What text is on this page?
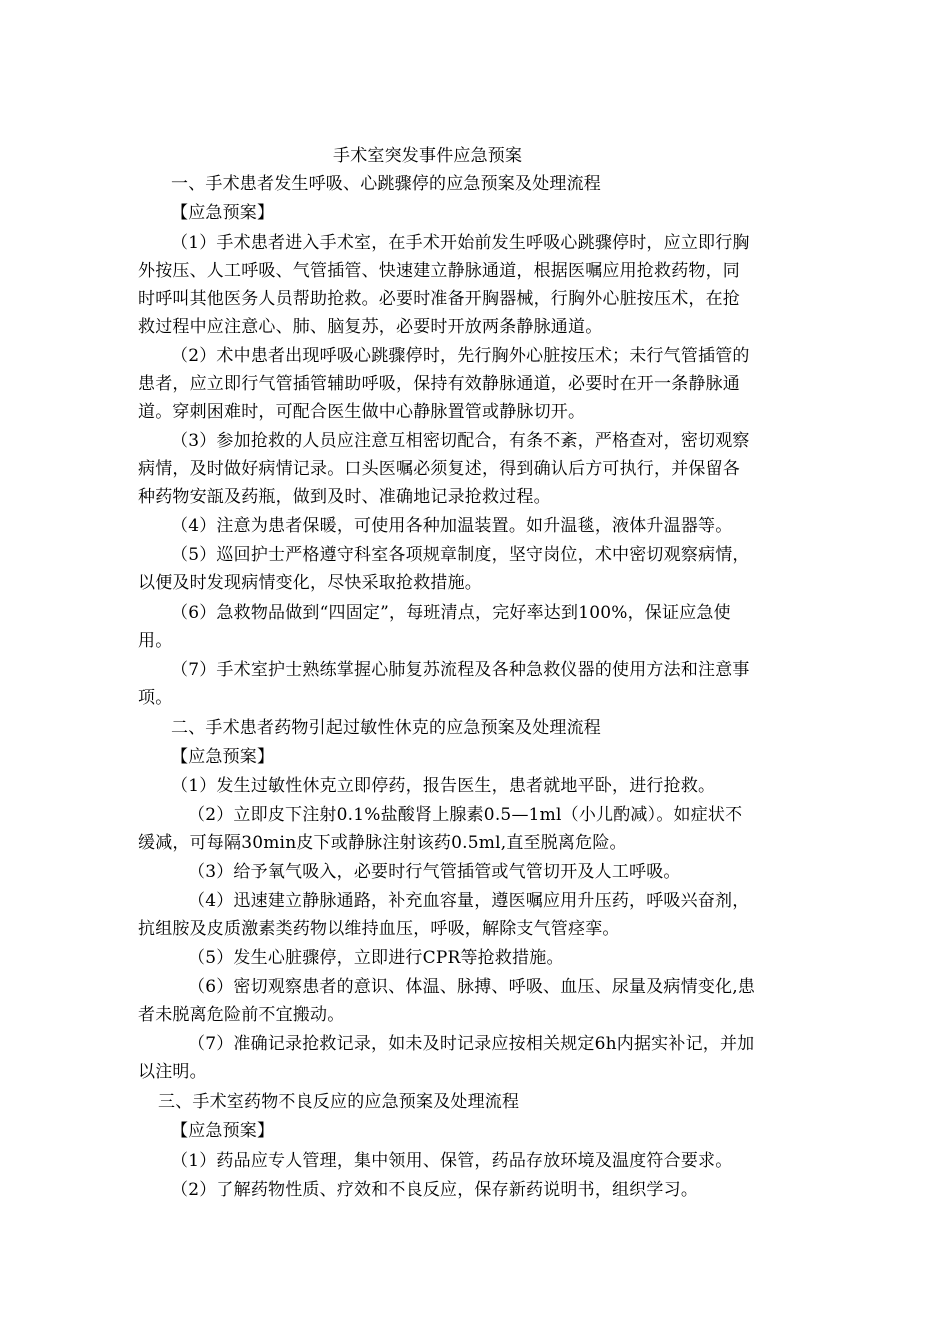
手术室突发事件应急预案
一、手术患者发生呼吸、心跳骤停的应急预案及处理流程
【应急预案】
（1）手术患者进入手术室，在手术开始前发生呼吸心跳骤停时，应立即行胸
外按压、人工呼吸、气管插管、快速建立静脉通道，根据医嘱应用抢救药物，同
时呼叫其他医务人员帮助抢救。必要时准备开胸器械，行胸外心脏按压术，在抢
救过程中应注意心、肺、脑复苏，必要时开放两条静脉通道。
（2）术中患者出现呼吸心跳骤停时，先行胸外心脏按压术；未行气管插管的
患者，应立即行气管插管辅助呼吸，保持有效静脉通道，必要时在开一条静脉通
道。穿刺困难时，可配合医生做中心静脉置管或静脉切开。
（3）参加抢救的人员应注意互相密切配合，有条不紊，严格查对，密切观察
病情，及时做好病情记录。口头医嘱必须复述，得到确认后方可执行，并保留各
种药物安瓿及药瓶，做到及时、准确地记录抢救过程。
（4）注意为患者保暖，可使用各种加温装置。如升温毯，液体升温器等。
（5）巡回护士严格遵守科室各项规章制度，坚守岗位，术中密切观察病情，
以便及时发现病情变化，尽快采取抢救措施。
（6）急救物品做到“四固定”，每班清点，完好率达到100%，保证应急使
用。
（7）手术室护士熟练掌握心肺复苏流程及各种急救仪器的使用方法和注意事
项。
二、手术患者药物引起过敏性休克的应急预案及处理流程
【应急预案】
（1）发生过敏性休克立即停药，报告医生，患者就地平卧，进行抢救。
（2）立即皮下注射0.1%盐酸肾上腺素0.5—1ml（小儿酌减）。如症状不
缓减，可每隔30min皮下或静脉注射该药0.5ml,直至脱离危险。
（3）给予氧气吸入，必要时行气管插管或气管切开及人工呼吸。
（4）迅速建立静脉通路，补充血容量，遵医嘱应用升压药，呼吸兴奋剂，
抗组胺及皮质激素类药物以维持血压，呼吸，解除支气管痉挛。
（5）发生心脏骤停，立即进行CPR等抢救措施。
（6）密切观察患者的意识、体温、脉搏、呼吸、血压、尿量及病情变化,患
者未脱离危险前不宜搬动。
（7）准确记录抢救记录，如未及时记录应按相关规定6h内据实补记，并加
以注明。
三、手术室药物不良反应的应急预案及处理流程
【应急预案】
（1）药品应专人管理，集中领用、保管，药品存放环境及温度符合要求。
（2）了解药物性质、疗效和不良反应，保存新药说明书，组织学习。
